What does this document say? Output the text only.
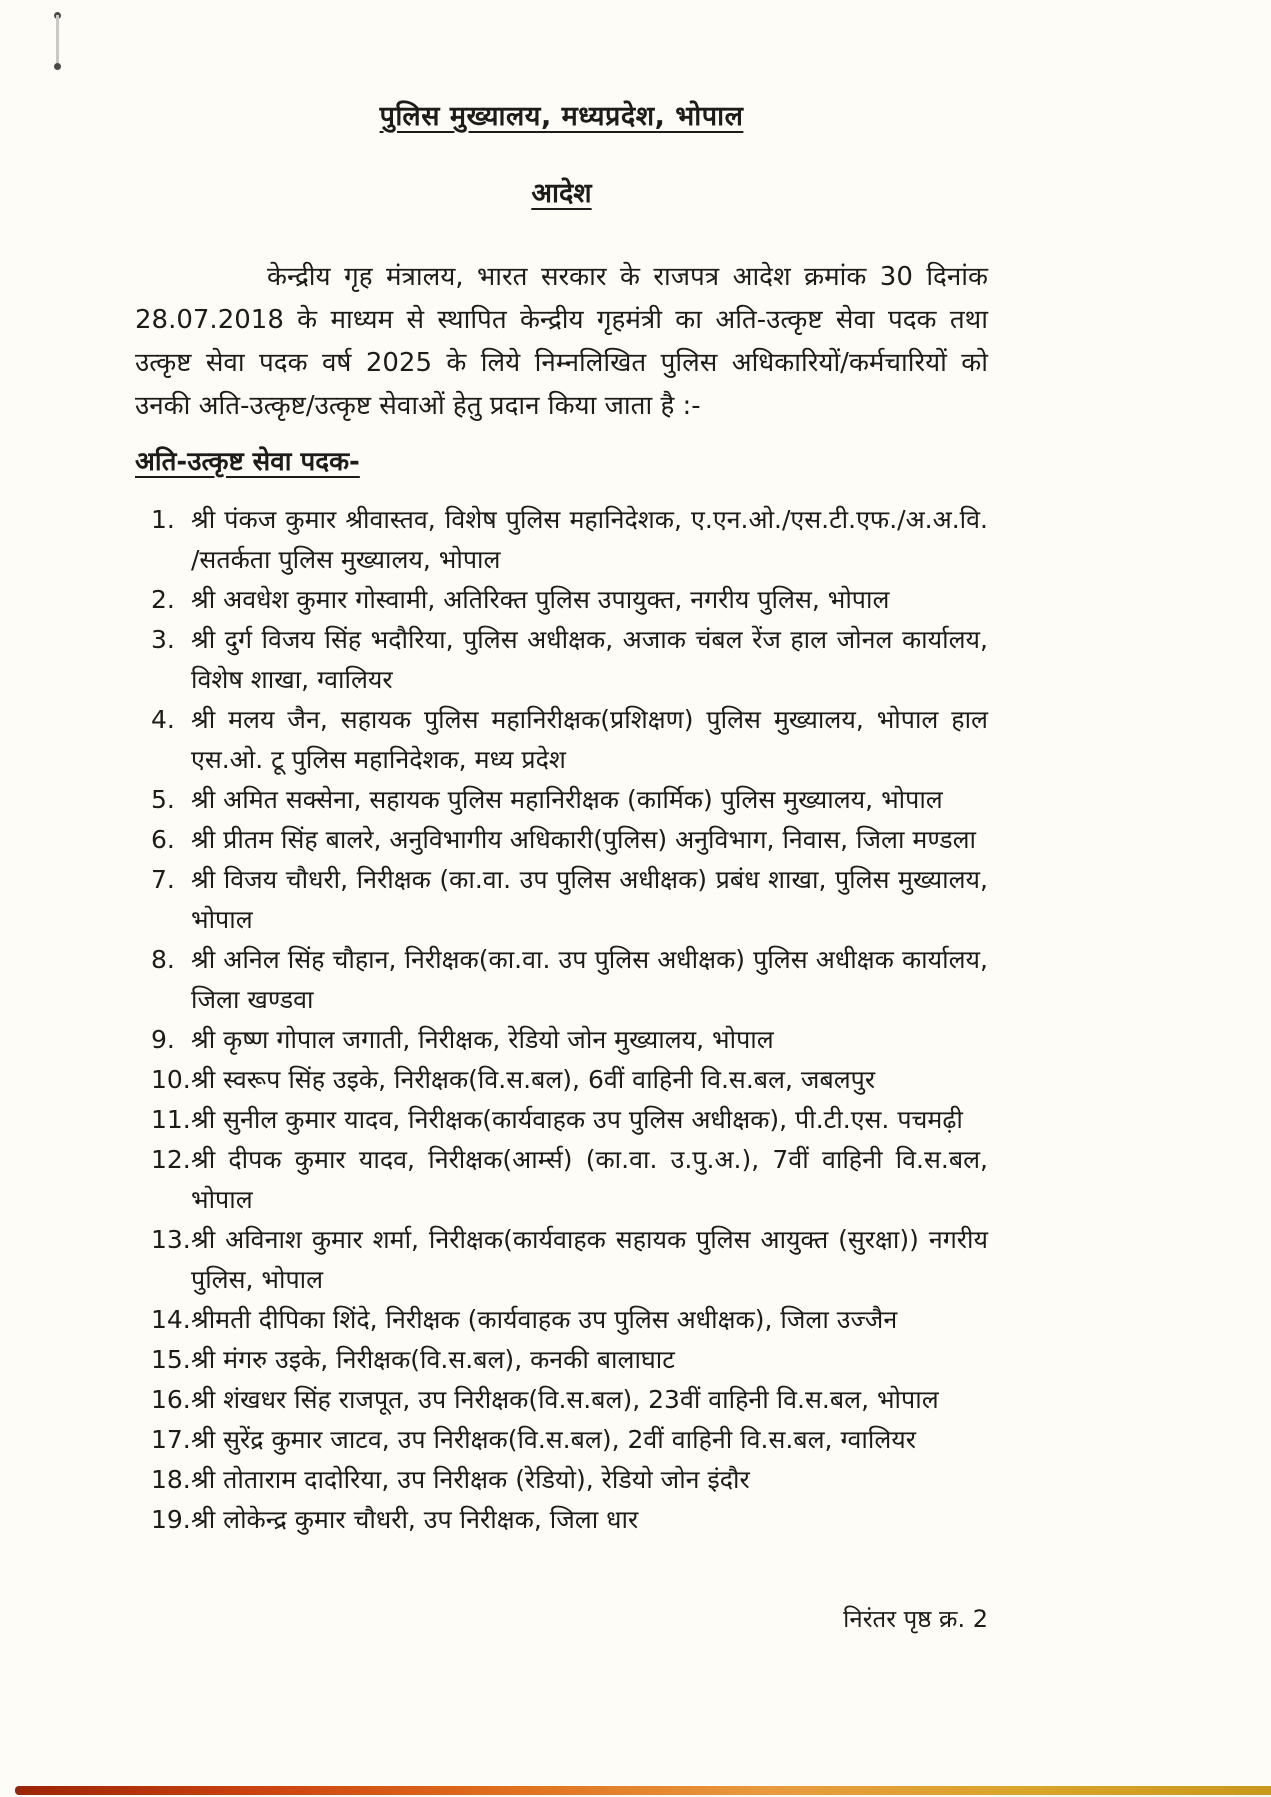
पुलिस मुख्यालय, मध्यप्रदेश, भोपाल
आदेश

केन्द्रीय गृह मंत्रालय, भारत सरकार के राजपत्र आदेश क्रमांक 30 दिनांक 28.07.2018 के माध्यम से स्थापित केन्द्रीय गृहमंत्री का अति-उत्कृष्ट सेवा पदक तथा उत्कृष्ट सेवा पदक वर्ष 2025 के लिये निम्नलिखित पुलिस अधिकारियों/कर्मचारियों को उनकी अति-उत्कृष्ट/उत्कृष्ट सेवाओं हेतु प्रदान किया जाता है :-

अति-उत्कृष्ट सेवा पदक-
1. श्री पंकज कुमार श्रीवास्तव, विशेष पुलिस महानिदेशक, ए.एन.ओ./एस.टी.एफ./अ.अ.वि. /सतर्कता पुलिस मुख्यालय, भोपाल
2. श्री अवधेश कुमार गोस्वामी, अतिरिक्त पुलिस उपायुक्त, नगरीय पुलिस, भोपाल
3. श्री दुर्ग विजय सिंह भदौरिया, पुलिस अधीक्षक, अजाक चंबल रेंज हाल जोनल कार्यालय, विशेष शाखा, ग्वालियर
4. श्री मलय जैन, सहायक पुलिस महानिरीक्षक(प्रशिक्षण) पुलिस मुख्यालय, भोपाल हाल एस.ओ. टू पुलिस महानिदेशक, मध्य प्रदेश
5. श्री अमित सक्सेना, सहायक पुलिस महानिरीक्षक (कार्मिक) पुलिस मुख्यालय, भोपाल
6. श्री प्रीतम सिंह बालरे, अनुविभागीय अधिकारी(पुलिस) अनुविभाग, निवास, जिला मण्डला
7. श्री विजय चौधरी, निरीक्षक (का.वा. उप पुलिस अधीक्षक) प्रबंध शाखा, पुलिस मुख्यालय, भोपाल
8. श्री अनिल सिंह चौहान, निरीक्षक(का.वा. उप पुलिस अधीक्षक) पुलिस अधीक्षक कार्यालय, जिला खण्डवा
9. श्री कृष्ण गोपाल जगाती, निरीक्षक, रेडियो जोन मुख्यालय, भोपाल
10. श्री स्वरूप सिंह उइके, निरीक्षक(वि.स.बल), 6वीं वाहिनी वि.स.बल, जबलपुर
11. श्री सुनील कुमार यादव, निरीक्षक(कार्यवाहक उप पुलिस अधीक्षक), पी.टी.एस. पचमढ़ी
12. श्री दीपक कुमार यादव, निरीक्षक(आर्म्स) (का.वा. उ.पु.अ.), 7वीं वाहिनी वि.स.बल, भोपाल
13. श्री अविनाश कुमार शर्मा, निरीक्षक(कार्यवाहक सहायक पुलिस आयुक्त (सुरक्षा)) नगरीय पुलिस, भोपाल
14. श्रीमती दीपिका शिंदे, निरीक्षक (कार्यवाहक उप पुलिस अधीक्षक), जिला उज्जैन
15. श्री मंगरु उइके, निरीक्षक(वि.स.बल), कनकी बालाघाट
16. श्री शंखधर सिंह राजपूत, उप निरीक्षक(वि.स.बल), 23वीं वाहिनी वि.स.बल, भोपाल
17. श्री सुरेंद्र कुमार जाटव, उप निरीक्षक(वि.स.बल), 2वीं वाहिनी वि.स.बल, ग्वालियर
18. श्री तोताराम दादोरिया, उप निरीक्षक (रेडियो), रेडियो जोन इंदौर
19. श्री लोकेन्द्र कुमार चौधरी, उप निरीक्षक, जिला धार
निरंतर पृष्ठ क्र. 2
